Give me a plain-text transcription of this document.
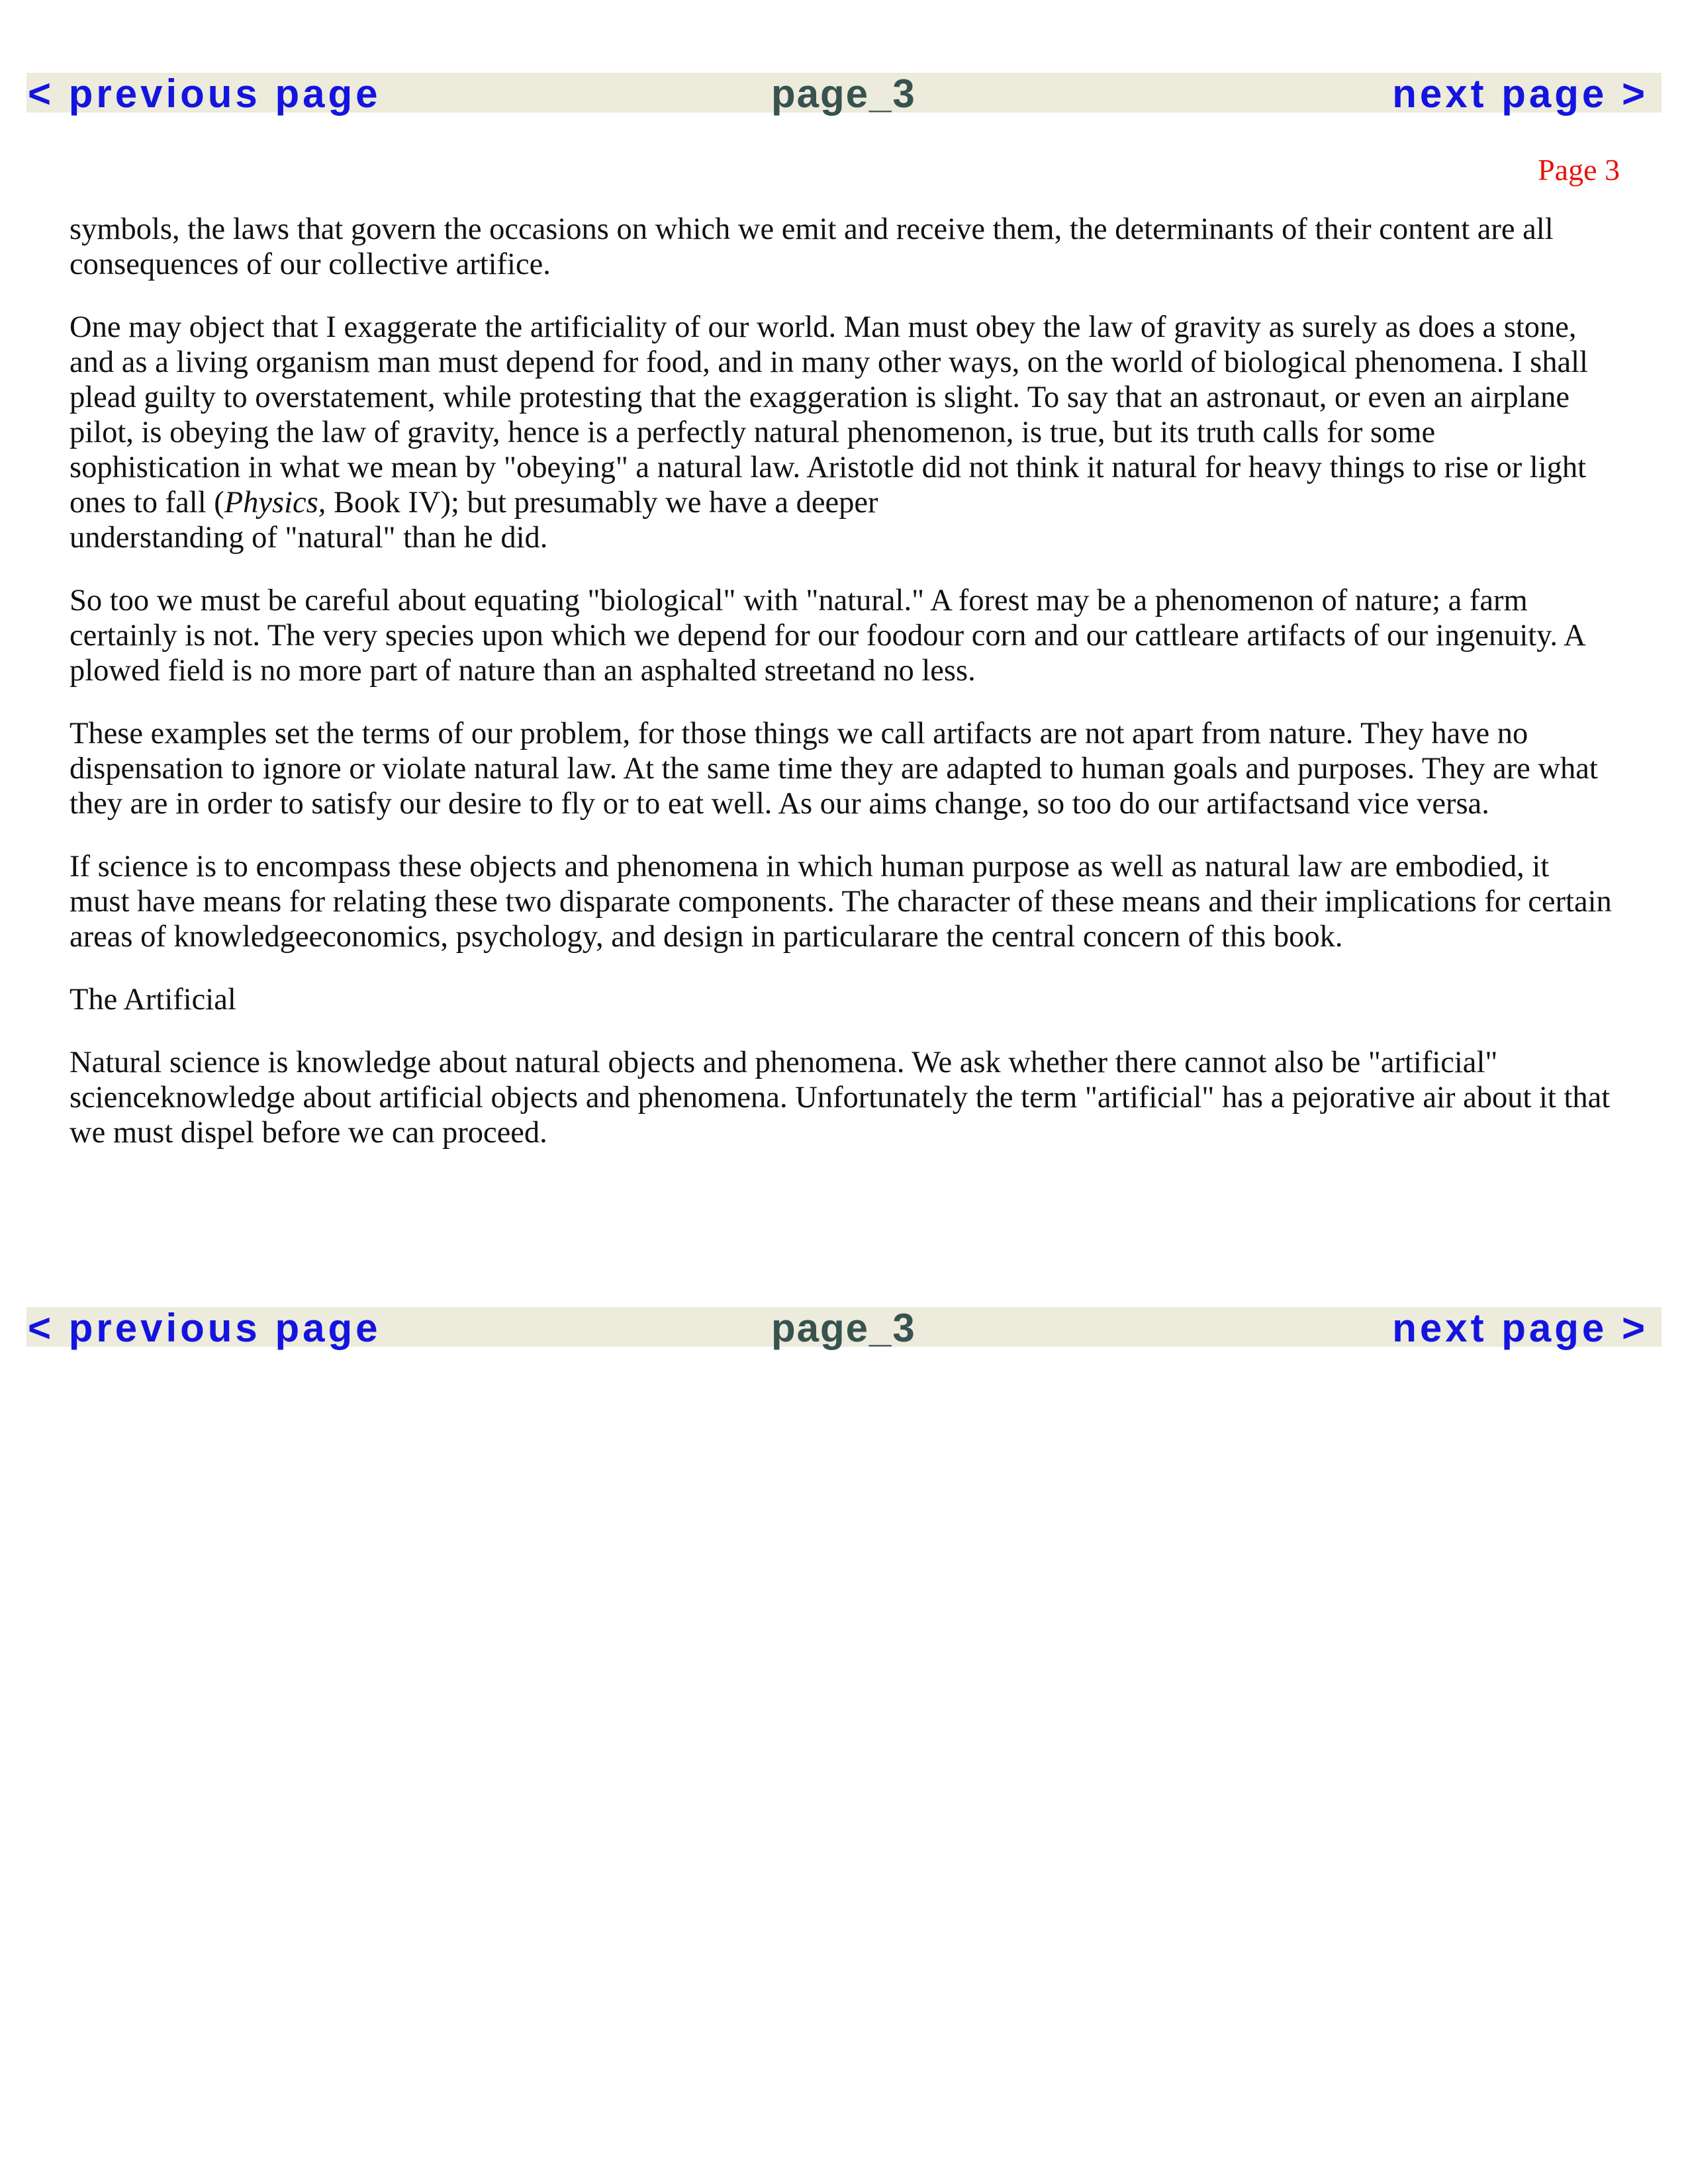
< previous page	page_3	next page >
Page 3

symbols, the laws that govern the occasions on which we emit and receive them, the determinants of their content are all consequences of our collective artifice.

One may object that I exaggerate the artificiality of our world. Man must obey the law of gravity as surely as does a stone, and as a living organism man must depend for food, and in many other ways, on the world of biological phenomena. I shall plead guilty to overstatement, while protesting that the exaggeration is slight. To say that an astronaut, or even an airplane pilot, is obeying the law of gravity, hence is a perfectly natural phenomenon, is true, but its truth calls for some sophistication in what we mean by "obeying" a natural law. Aristotle did not think it natural for heavy things to rise or light ones to fall (Physics, Book IV); but presumably we have a deeper
understanding of "natural" than he did.

So too we must be careful about equating "biological" with "natural." A forest may be a phenomenon of nature; a farm certainly is not. The very species upon which we depend for our foodour corn and our cattleare artifacts of our ingenuity. A plowed field is no more part of nature than an asphalted streetand no less.

These examples set the terms of our problem, for those things we call artifacts are not apart from nature. They have no dispensation to ignore or violate natural law. At the same time they are adapted to human goals and purposes. They are what they are in order to satisfy our desire to fly or to eat well. As our aims change, so too do our artifactsand vice versa.

If science is to encompass these objects and phenomena in which human purpose as well as natural law are embodied, it must have means for relating these two disparate components. The character of these means and their implications for certain areas of knowledgeeconomics, psychology, and design in particularare the central concern of this book.

The Artificial

Natural science is knowledge about natural objects and phenomena. We ask whether there cannot also be "artificial" scienceknowledge about artificial objects and phenomena. Unfortunately the term "artificial" has a pejorative air about it that we must dispel before we can proceed.

< previous page	page_3	next page >
